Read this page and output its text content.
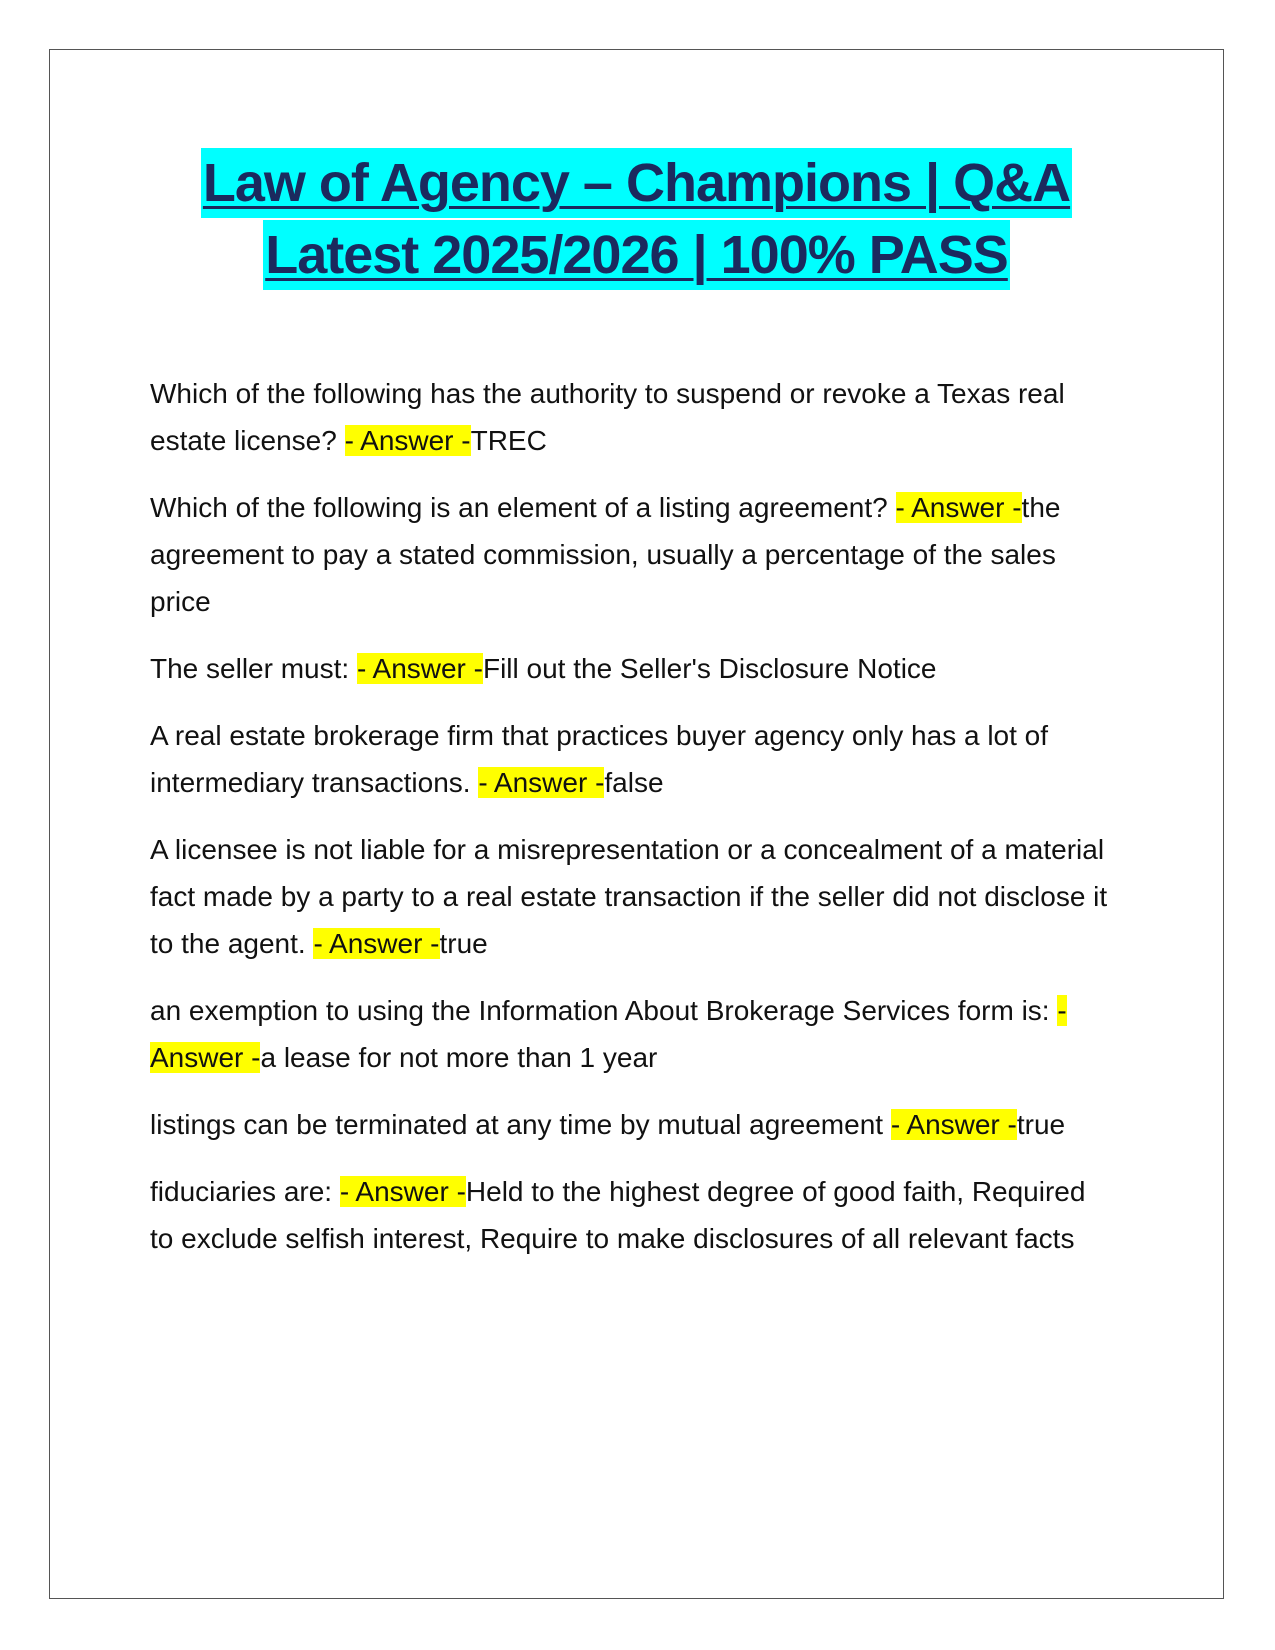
Law of Agency – Champions | Q&A
Latest 2025/2026 | 100% PASS

Which of the following has the authority to suspend or revoke a Texas real estate license? - Answer -TREC

Which of the following is an element of a listing agreement? - Answer -the agreement to pay a stated commission, usually a percentage of the sales price

The seller must: - Answer -Fill out the Seller's Disclosure Notice

A real estate brokerage firm that practices buyer agency only has a lot of intermediary transactions. - Answer -false

A licensee is not liable for a misrepresentation or a concealment of a material fact made by a party to a real estate transaction if the seller did not disclose it to the agent. - Answer -true

an exemption to using the Information About Brokerage Services form is: - Answer -a lease for not more than 1 year

listings can be terminated at any time by mutual agreement - Answer -true

fiduciaries are: - Answer -Held to the highest degree of good faith, Required to exclude selfish interest, Require to make disclosures of all relevant facts
